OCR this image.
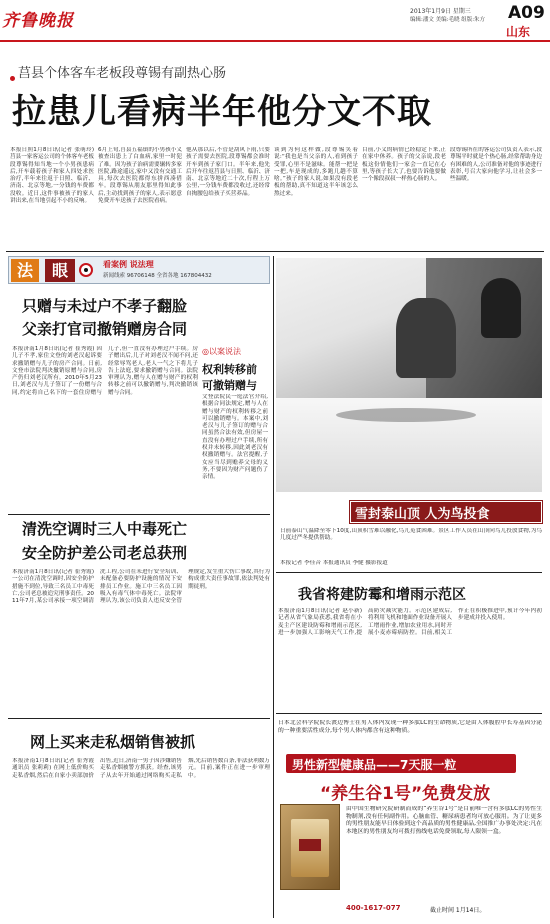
齐鲁晚报	2013年1月9日 星期三
编辑:潘文 美编:毛晓 组版:朱方 A09
山东
莒县个体客车老板段尊锡有副热心肠
拉患儿看病半年他分文不取
本报日照1月8日讯(记者 张萌玲) 莒县一家客运公司的个体客车老板段尊锡得知当地一个小男孩患病后,开车载着孩子和家人四处求医治疗,半年来往返于日照、临沂、济南、北京等地,一分钱的车费都没收。近日,这件事被孩子的家人讲出来,在当地引起不小的反响。
6月上旬,莒县五福镇的小男孩小义被查出患上了白血病,家里一时犯了难。因为孩子治病需要辗转多家医院,路途遥远,家中又没有交通工具,每次去医院都得东拼西凑借车。段尊锡从朋友那里得知此事后,主动找到孩子的家人,表示愿意免费开车送孩子去医院看病。
他从那以后,不管是刮风下雨,只要孩子需要去医院,段尊锡都会准时开车到孩子家门口。半年来,他先后开车往返莒县与日照、临沂、济南、北京等地近二十次,行程上万公里,一分钱车费都没收过,还经常自掏腰包给孩子买营养品。
谈到为何这样做,段尊锡笑着说:“我也是当父亲的人,看到孩子受罪,心里不是滋味。能帮一把是一把,车是现成的,多跑几趟不算啥。”孩子的家人说,如果没有段老板的帮助,真不知道这半年该怎么熬过来。
目前,小义的病情已经稳定下来,正在家中休养。孩子的父亲说,段老板这份情他们一家会一直记在心里,等孩子长大了,也要告诉他要做一个像段叔叔一样热心肠的人。
段尊锡所在的客运公司负责人表示,段尊锡平时就是个热心肠,经常帮助身边有困难的人,公司准备对他的事迹进行表彰,号召大家向他学习,让社会多一些温暖。
法	眼	看案例 说法理
新闻线索 96706148 全省各地 167804432
只赠与未过户不孝子翻脸
父亲打官司撤销赠房合同
本报济南1月8日讯(记者 崔秀霞) 因儿子不孝,家住文登的刘老汉起诉要求撤销赠与儿子的房产合同。日前,文登市法院判决撤销原赠与合同,房产仍归刘老汉所有。2010年5月23日,刘老汉与儿子签订了一份赠与合同,约定将自己名下的一套住房赠与儿子,但一直没有办理过户手续。房子赠出后,儿子对刘老汉不闻不问,还经常辱骂老人,老人一气之下将儿子告上法庭,要求撤销赠与合同。法院审理认为,赠与人在赠与财产的权利转移之前可以撤销赠与,判决撤销该赠与合同。
◎以案说法
权利转移前
可撤销赠与
文登法院民一庭法官介绍,根据合同法规定,赠与人在赠与财产的权利转移之前可以撤销赠与。本案中,刘老汉与儿子签订的赠与合同虽然合法有效,但房屋一直没有办理过户手续,所有权并未转移,因此刘老汉有权撤销赠与。法官提醒,子女应当尽到赡养父母的义务,不要因为财产问题伤了亲情。
清洗空调时三人中毒死亡
安全防护差公司老总获刑
本报济南1月8日讯(记者 崔秀霞) 一公司在清洗空调时,因安全防护措施不到位,导致三名员工中毒死亡,公司老总被追究刑事责任。2011年7月,某公司承接一项空调清洗工程,公司在未进行安全培训、未配备必要防护设施的情况下安排员工作业。施工中三名员工因吸入有毒气体中毒死亡。法院审理认为,该公司负责人违反安全管理规定,发生重大伤亡事故,其行为构成重大责任事故罪,依法判处有期徒刑。
网上买来走私烟销售被抓
本报济南1月8日讯(记者 崔秀霞 通讯员 张莉莉) 在网上低价购买走私香烟,然后在自家小卖部加价出售,近日,济南一男子因涉嫌销售走私香烟被警方抓获。经查,该男子从去年开始通过网络购买走私烟,先后销售数百条,非法获利数万元。目前,案件正在进一步审理中。
雪封泰山顶 人为鸟投食
日前泰山气温降至零下10度,山顶积雪难以融化,鸟儿觅食困难。景区工作人员在山顶向鸟儿投放食物,为鸟儿度过严冬提供帮助。
本报记者 李佳音 本报通讯员 李健 摄影报道
我省将建防霉和增雨示范区
本报济南1月8日讯(记者 赵小新) 记者从省气象局获悉,我省将在小麦主产区建设防霉和增雨示范区,进一步加强人工影响天气工作,提高防灾减灾能力。示范区建成后,将利用飞机和地面作业设备开展人工增雨作业,增加农业用水,同时开展小麦赤霉病防控。目前,相关工作正在积极推进中,预计今年内初步建成并投入使用。
日本北会科学院院长渡边博士在男人体内发现一种多肽LC的生命物质,它是由人体腹腔中长寿基因分泌的一种重要活性成分,每个男人体内都含有这种物质。
男性新型健康品——7天服一粒
“养生谷1号”免费发放
由中国生物研究院研制而成的“养生谷1号”是目前唯一含有多肽LC的男性生物制剂,没有任何副作用。心脑血管、糖尿病患者均可放心服用。为了让更多的男性朋友能早日体验到这个高品质的男性健康品,全国推广办事处决定:凡在本地区的男性朋友均可拨打热线电话免费领取,每人限领一盒。
400-1617-077	截止时间 1月14日。
